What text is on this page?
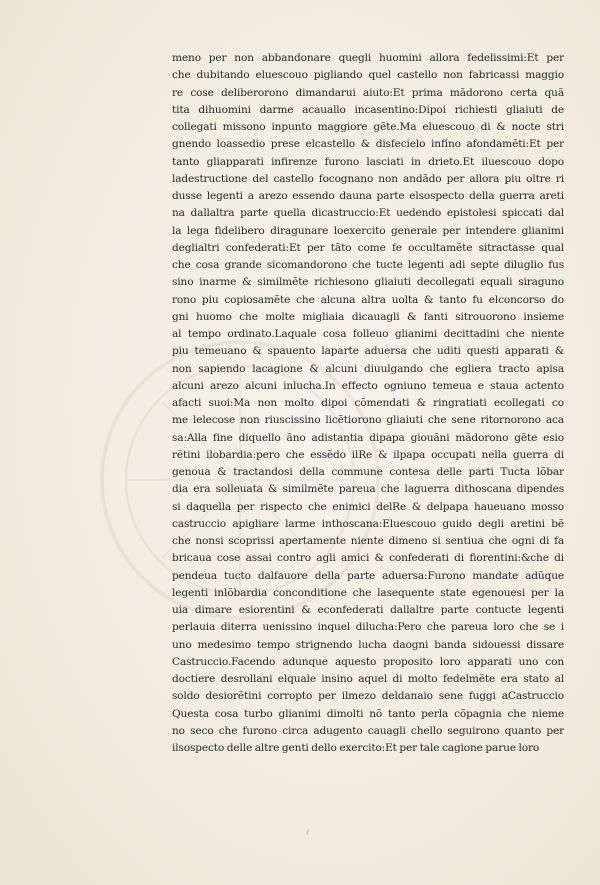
meno per non abbandonare quegli huomini allora fedelissimi:Et per
che dubitando eluescouo pigliando quel castello non fabricassi maggio
re cose deliberorono dimandarui aiuto:Et prima mãdorono certa quã
tita dihuomini darme acauallo incasentino:Dipoi richiesti gliaiuti de
collegati missono inpunto maggiore gẽte.Ma eluescouo di & nocte stri
gnendo loassedio prese elcastello & disfecielo infino afondamẽti:Et per
tanto gliapparati infirenze furono lasciati in drieto.Et iluescouo dopo
ladestructione del castello focognano non andãdo per allora piu oltre ri
dusse legenti a arezo essendo dauna parte elsospecto della guerra areti
na dallaltra parte quella dicastruccio:Et uedendo epistolesi spiccati dal
la lega fidelibero diragunare loexercito generale per intendere glianimi
deglialtri confederati:Et per tãto come fe occultamẽte sitractasse qual
che cosa grande sicomandorono che tucte legenti adi septe diluglio fus
sino inarme & similmẽte richiesono gliaiuti decollegati equali siraguno
rono piu copiosamẽte che alcuna altra uolta & tanto fu elconcorso do
gni huomo che molte migliaia dicauagli & fanti sitrouorono insieme
al tempo ordinato.Laquale cosa folleuo glianimi decittadini che niente
piu temeuano & spauento laparte aduersa che uditi questi apparati &
non sapiendo lacagione & alcuni diuulgando che egliera tracto apisa
alcuni arezo alcuni inlucha.In effecto ogniuno temeua e staua actento
afacti suoi:Ma non molto dipoi cõmendati & ringratiati ecollegati co
me lelecose non riuscissino licẽtiorono gliaiuti che sene ritornorono aca
sa:Alla fine diquello ãno adistantia dipapa giouãni mãdorono gẽte esio
rẽtini ilobardia:pero che essẽdo ilRe & ilpapa occupati nella guerra di
genoua & tractandosi della commune contesa delle parti Tucta lõbar
dia era solleuata & similmẽte pareua che laguerra dithoscana dipendes
si daquella per rispecto che enimici delRe & delpapa haueuano mosso
castruccio apigliare larme inthoscana:Eluescouo guido degli aretini bẽ
che nonsi scoprissi apertamente niente dimeno si sentiua che ogni di fa
bricaua cose assai contro agli amici & confederati di fiorentini:&che di
pendeua tucto dalfauore della parte aduersa:Furono mandate adũque
legenti inlõbardia conconditione che lasequente state egenouesi per la
uia dimare esiorentini & econfederati dallaltre parte contucte legenti
perlauia diterra uenissino inquel dilucha:Pero che pareua loro che se i
uno medesimo tempo strignendo lucha daogni banda sidouessi dissare
Castruccio.Facendo adunque aquesto proposito loro apparati uno con
doctiere desrollani elquale insino aquel di molto fedelmẽte era stato al
soldo desiorẽtini corropto per ilmezo deldanaio sene fuggi aCastruccio
Questa cosa turbo glianimi dimolti nõ tanto perla cõpagnia che nieme
no seco che furono circa adugento cauagli chello seguirono quanto per
ilsospecto delle altre genti dello exercito:Et per tale cagione parue loro
